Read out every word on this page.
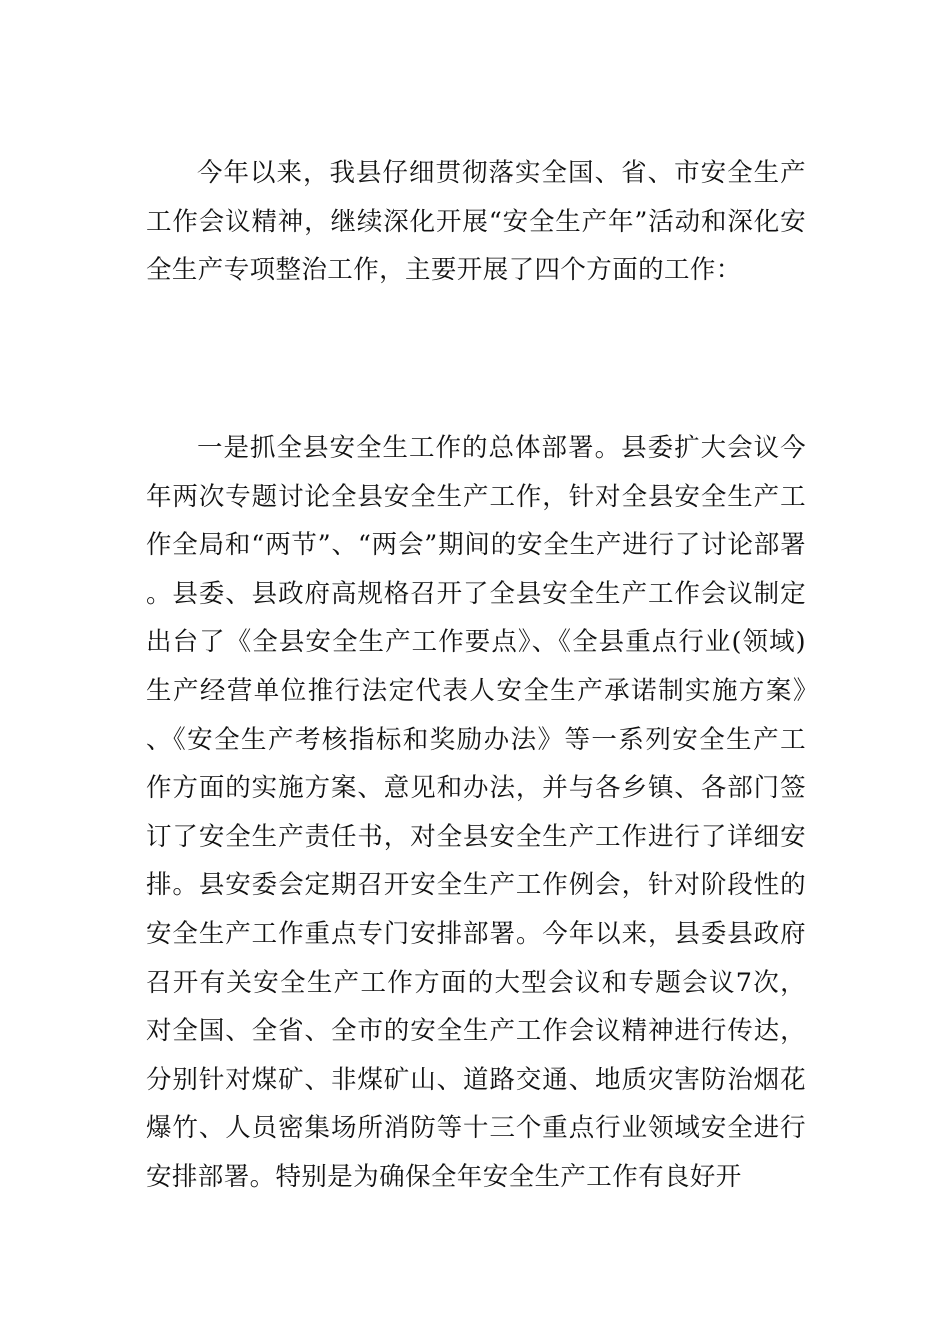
今年以来，我县仔细贯彻落实全国、省、市安全生产工作会议精神，继续深化开展“安全生产年”活动和深化安全生产专项整治工作，主要开展了四个方面的工作：

一是抓全县安全生工作的总体部署。县委扩大会议今年两次专题讨论全县安全生产工作，针对全县安全生产工作全局和“两节”、“两会”期间的安全生产进行了讨论部署。县委、县政府高规格召开了全县安全生产工作会议制定出台了《全县安全生产工作要点》、《全县重点行业(领域)生产经营单位推行法定代表人安全生产承诺制实施方案》、《安全生产考核指标和奖励办法》等一系列安全生产工作方面的实施方案、意见和办法，并与各乡镇、各部门签订了安全生产责任书，对全县安全生产工作进行了详细安排。县安委会定期召开安全生产工作例会，针对阶段性的安全生产工作重点专门安排部署。今年以来，县委县政府召开有关安全生产工作方面的大型会议和专题会议7次，对全国、全省、全市的安全生产工作会议精神进行传达，分别针对煤矿、非煤矿山、道路交通、地质灾害防治烟花爆竹、人员密集场所消防等十三个重点行业领域安全进行安排部署。特别是为确保全年安全生产工作有良好开
